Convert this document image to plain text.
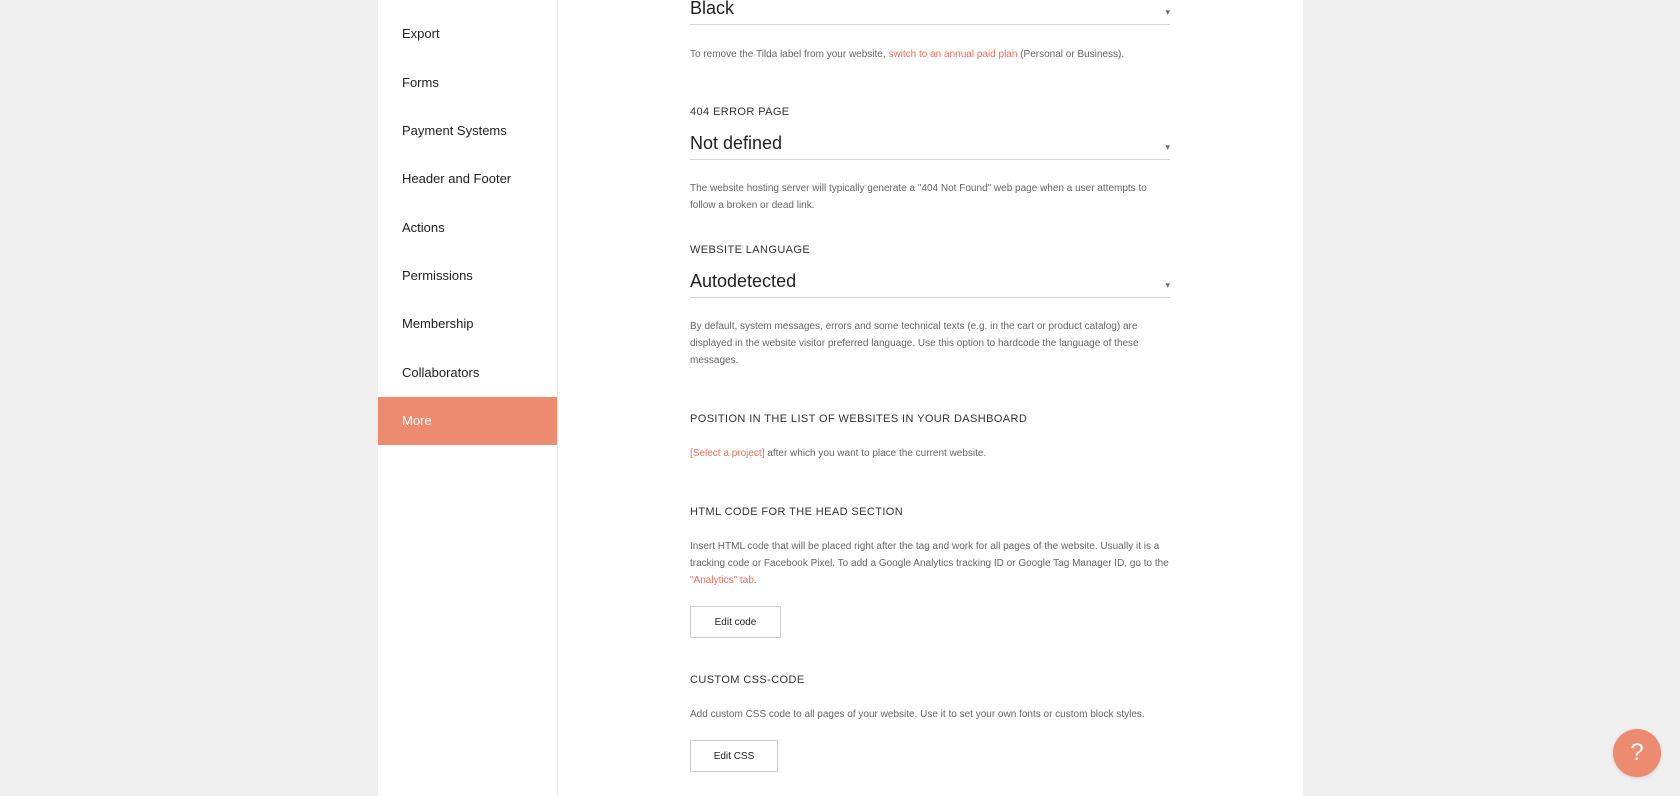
Export
Forms
Payment Systems
Header and Footer
Actions
Permissions
Membership
Collaborators
More
Black	▾
To remove the Tilda label from your website, switch to an annual paid plan (Personal or Business).
404 ERROR PAGE
Not defined	▾
The website hosting server will typically generate a "404 Not Found" web page when a user attempts to follow a broken or dead link.
WEBSITE LANGUAGE
Autodetected	▾
By default, system messages, errors and some technical texts (e.g. in the cart or product catalog) are displayed in the website visitor preferred language. Use this option to hardcode the language of these messages.
POSITION IN THE LIST OF WEBSITES IN YOUR DASHBOARD
[Select a project] after which you want to place the current website.
HTML CODE FOR THE HEAD SECTION
Insert HTML code that will be placed right after the tag and work for all pages of the website. Usually it is a tracking code or Facebook Pixel. To add a Google Analytics tracking ID or Google Tag Manager ID, go to the "Analytics" tab.
Edit code
CUSTOM CSS-CODE
Add custom CSS code to all pages of your website. Use it to set your own fonts or custom block styles.
Edit CSS	?
